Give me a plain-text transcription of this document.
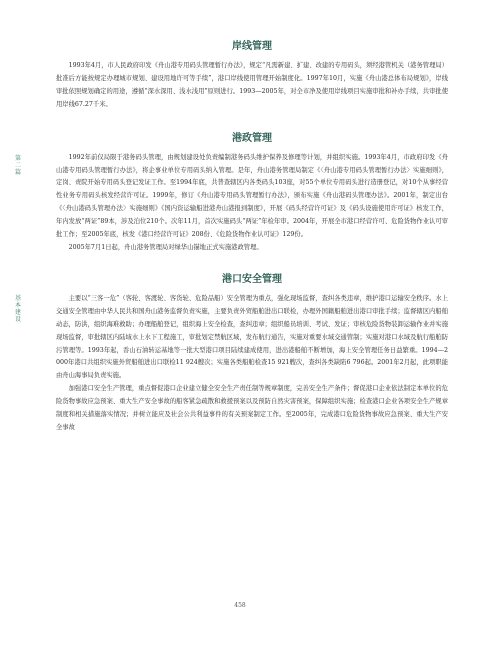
第二篇
基本建设
岸线管理

1993年4月，市人民政府印发《舟山港专用码头管理暂行办法》，规定“凡需新建、扩建、改建的专用码头，须经港管机关（港务管理局）批准后方能按规定办理城市规划、建设用地许可等手续”，港口岸线使用管理开始制度化。1997年10月，实施《舟山港总体布局规划》，岸线审批依照规划确定的用途，遵循“深水深用、浅水浅用”原则进行。1993—2005年，对全市净及使用岸线项目实施审批和补办手续，共审批使用岸线67.27千米。

港政管理

1992年前仅局限于港务码头管理，由规划建设处负责编制港务码头维护保养及修理等计划，并组织实施。1993年4月，市政府印发《舟山港专用码头管理暂行办法》，将企事业单位专用码头纳入管理。是年，舟山港务管理局制定《〈舟山港专用码头管理暂行办法〉实施细则》，定岗、责院开始专用码头登记发证工作。至1994年底，共普查辖区内各类码头103座，对55个单位专用码头进行造册登记，对10个从事经营性业务专用码头核发经营许可证。1999年，修订《舟山港专用码头管理暂行办法》，颁布实施《舟山港码头管理办法》。2001年，制定出台《〈舟山港码头管理办法〉实施细则》《国内资运输船进港舟山港报到制度》，开展《码头经营许可证》及《码头设施使用许可证》核发工作，年内发放“两证”89本，涉及泊位210个。次年11月，首次实施码头“两证”年检年审。2004年，开展全市港口经营许可、危险货物作业认可审批工作；至2005年底，核发《港口经营许可证》208份、《危险货物作业认可证》129份。

2005年7月1日起，舟山港务管理局对绿华山锚地正式实施港政管理。

港口安全管理

主要以“三客一危”（客轮、客渡轮、客货轮、危险品船）安全管理为重点，强化现场监督，查纠各类违章，维护港口运输安全秩序。水上交通安全管理由中华人民共和国舟山港务监督负责实施，主要负责外贸船舶进出口联检，办理外国籍船舶进出港口审批手续；监督辖区内船舶动态，防洪，组织海难救助；办理船舶登记，组织海上安全检查，查纠违章；组织船员培训、考试、发证；审核危险货物装卸运输作业并实施现场监督，审批辖区内陆域水上水下工程施工，审批划定禁航区域，发布航行通告，实施对重要水域交通管制；实施对港口水域及航行船舶防污管理等。1993年起，岙山石油转运基地等一批大型港口项目陆续建成使用，进出港船舶不断增加，海上安全管理任务日益繁重。1994—2000年港口共组织实施外贸船舶进出口联检11 924艘次；实施各类船舶检查15 921艘次，查纠各类缺陷6 796起。2001年2月起，此项职能由舟山海事局负责实施。

加强港口安全生产管理，重点督促港口企业建立健全安全生产责任制等规章制度，完善安全生产条件；督促港口企业依法制定本单位的危险货物事故应急预案、重大生产安全事故的船客紧急疏散和救援预案以及预防自然灾害预案，保障组织实施；检查港口企业各项安全生产规章制度和相关措施落实情况；并树立能应及社会公共利益事件的有关预案制定工作。至2005年，完成港口危险货物事故应急预案、重大生产安全事故

458
